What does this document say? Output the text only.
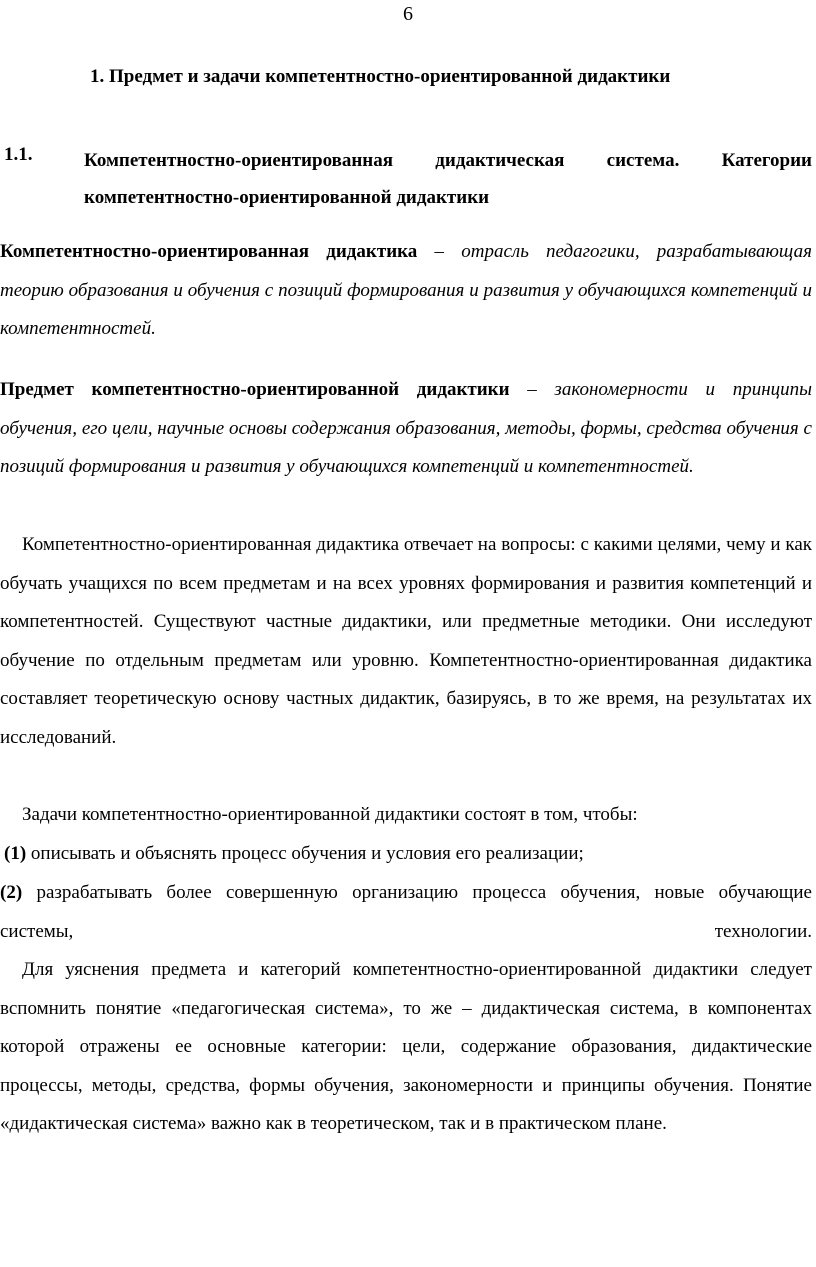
6
1. Предмет и задачи компетентностно-ориентированной дидактики
1.1.	Компетентностно-ориентированная дидактическая система. Категории компетентностно-ориентированной дидактики
Компетентностно-ориентированная дидактика – отрасль педагогики, разрабатывающая теорию образования и обучения с позиций формирования и развития у обучающихся компетенций и компетентностей.
Предмет компетентностно-ориентированной дидактики – закономерности и принципы обучения, его цели, научные основы содержания образования, методы, формы, средства обучения с позиций формирования и развития у обучающихся компетенций и компетентностей.
Компетентностно-ориентированная дидактика отвечает на вопросы: с какими целями, чему и как обучать учащихся по всем предметам и на всех уровнях формирования и развития компетенций и компетентностей. Существуют частные дидактики, или предметные методики. Они исследуют обучение по отдельным предметам или уровню. Компетентностно-ориентированная дидактика составляет теоретическую основу частных дидактик, базируясь, в то же время, на результатах их исследований.
Задачи компетентностно-ориентированной дидактики состоят в том, чтобы:
(1) описывать и объяснять процесс обучения и условия его реализации;
(2) разрабатывать более совершенную организацию процесса обучения, новые обучающие системы, технологии.
Для уяснения предмета и категорий компетентностно-ориентированной дидактики следует вспомнить понятие «педагогическая система», то же – дидактическая система, в компонентах которой отражены ее основные категории: цели, содержание образования, дидактические процессы, методы, средства, формы обучения, закономерности и принципы обучения. Понятие «дидактическая система» важно как в теоретическом, так и в практическом плане.
